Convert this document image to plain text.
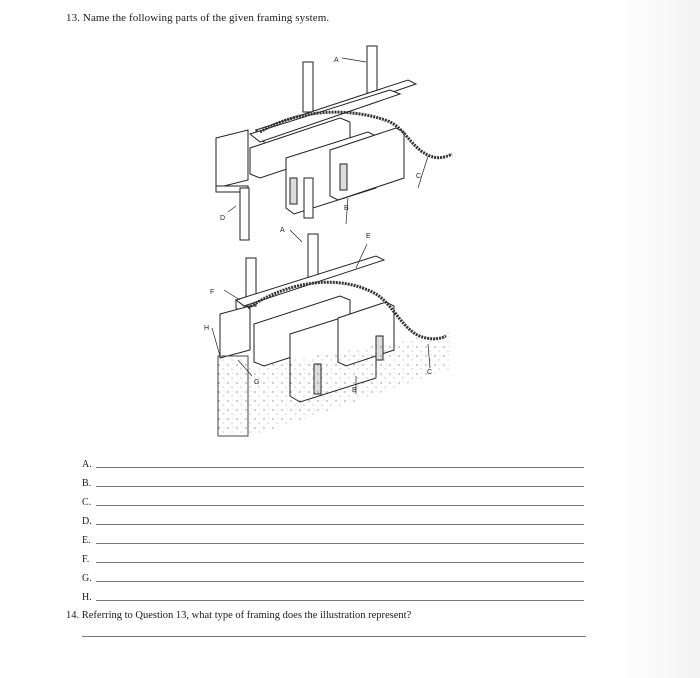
13. Name the following parts of the given framing system.
A
C
B
D
A
E
F
H
C
G
B
A.
B.
C.
D.
E.
F.
G.
H.
14. Referring to Question 13, what type of framing does the illustration represent?
